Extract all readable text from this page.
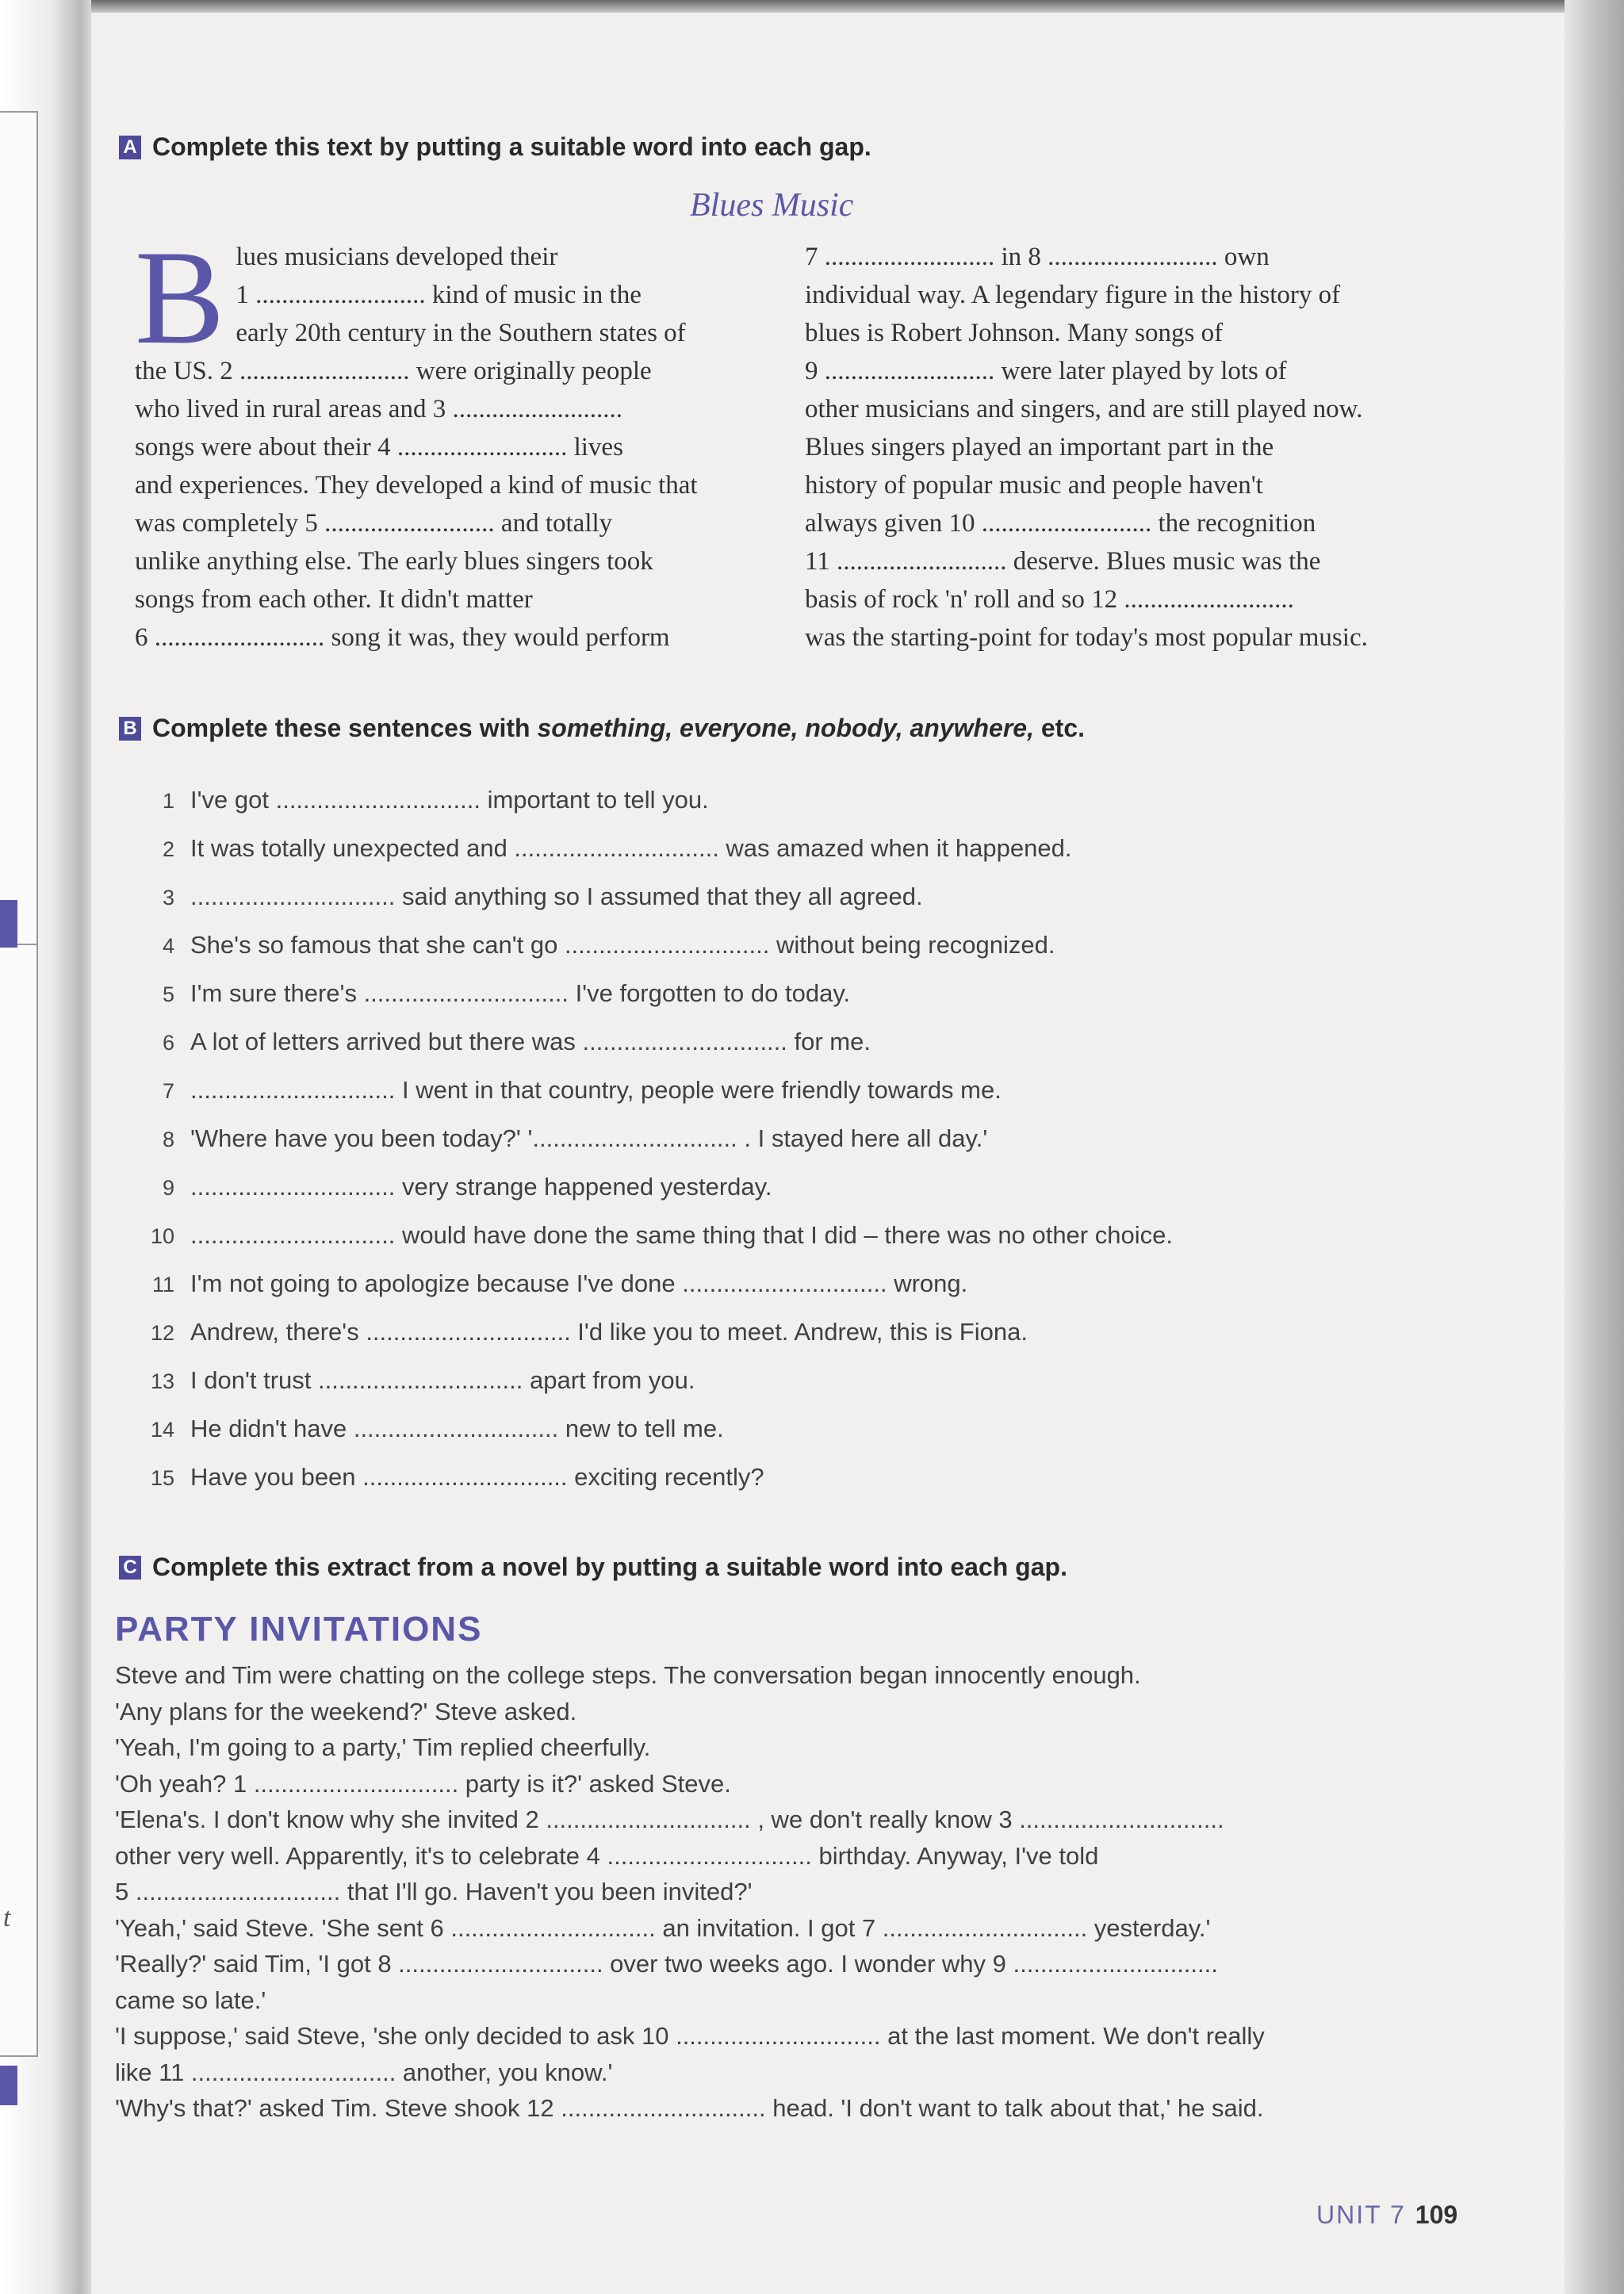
t
A Complete this text by putting a suitable word into each gap.
Blues Music
B lues musicians developed their
1 .......................... kind of music in the
early 20th century in the Southern states of
the US. 2 .......................... were originally people
who lived in rural areas and 3 ..........................
songs were about their 4 .......................... lives
and experiences. They developed a kind of music that
was completely 5 .......................... and totally
unlike anything else. The early blues singers took
songs from each other. It didn't matter
6 .......................... song it was, they would perform
7 .......................... in 8 .......................... own
individual way. A legendary figure in the history of
blues is Robert Johnson. Many songs of
9 .......................... were later played by lots of
other musicians and singers, and are still played now.
Blues singers played an important part in the
history of popular music and people haven't
always given 10 .......................... the recognition
11 .......................... deserve. Blues music was the
basis of rock 'n' roll and so 12 ..........................
was the starting-point for today's most popular music.
B Complete these sentences with something, everyone, nobody, anywhere, etc.
1 I've got .............................. important to tell you.
2 It was totally unexpected and .............................. was amazed when it happened.
3 .............................. said anything so I assumed that they all agreed.
4 She's so famous that she can't go .............................. without being recognized.
5 I'm sure there's .............................. I've forgotten to do today.
6 A lot of letters arrived but there was .............................. for me.
7 .............................. I went in that country, people were friendly towards me.
8 'Where have you been today?' '.............................. . I stayed here all day.'
9 .............................. very strange happened yesterday.
10 .............................. would have done the same thing that I did – there was no other choice.
11 I'm not going to apologize because I've done .............................. wrong.
12 Andrew, there's .............................. I'd like you to meet. Andrew, this is Fiona.
13 I don't trust .............................. apart from you.
14 He didn't have .............................. new to tell me.
15 Have you been .............................. exciting recently?
C Complete this extract from a novel by putting a suitable word into each gap.
PARTY INVITATIONS
Steve and Tim were chatting on the college steps. The conversation began innocently enough.
'Any plans for the weekend?' Steve asked.
'Yeah, I'm going to a party,' Tim replied cheerfully.
'Oh yeah? 1 .............................. party is it?' asked Steve.
'Elena's. I don't know why she invited 2 .............................. , we don't really know 3 ..............................
other very well. Apparently, it's to celebrate 4 .............................. birthday. Anyway, I've told
5 .............................. that I'll go. Haven't you been invited?'
'Yeah,' said Steve. 'She sent 6 .............................. an invitation. I got 7 .............................. yesterday.'
'Really?' said Tim, 'I got 8 .............................. over two weeks ago. I wonder why 9 ..............................
came so late.'
'I suppose,' said Steve, 'she only decided to ask 10 .............................. at the last moment. We don't really
like 11 .............................. another, you know.'
'Why's that?' asked Tim. Steve shook 12 .............................. head. 'I don't want to talk about that,' he said.
UNIT 7 109
